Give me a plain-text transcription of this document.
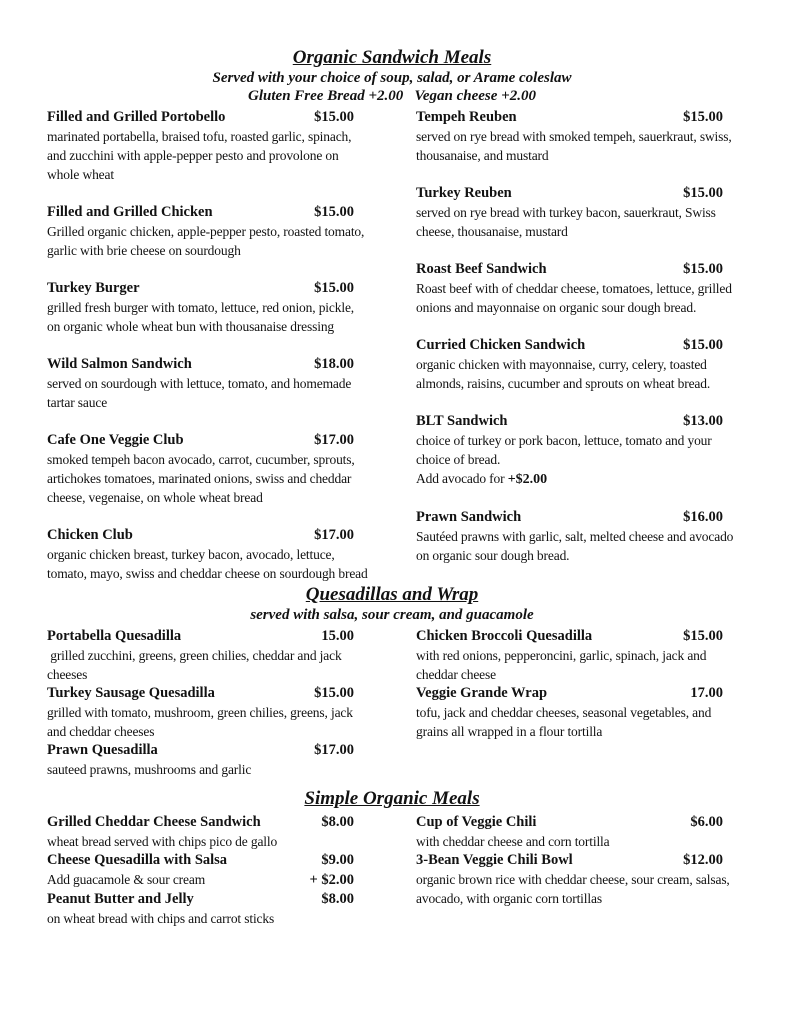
Organic Sandwich Meals
Served with your choice of soup, salad, or Arame coleslaw
Gluten Free Bread +2.00   Vegan cheese +2.00
Filled and Grilled Portobello	$15.00
marinated portabella, braised tofu, roasted garlic, spinach, and zucchini with apple-pepper pesto and provolone on whole wheat
Filled and Grilled Chicken	$15.00
Grilled organic chicken, apple-pepper pesto, roasted tomato, garlic with brie cheese on sourdough
Turkey Burger	$15.00
grilled fresh burger with tomato, lettuce, red onion, pickle, on organic whole wheat bun with thousanaise dressing
Wild Salmon Sandwich	$18.00
served on sourdough with lettuce, tomato, and homemade tartar sauce
Cafe One Veggie Club	$17.00
smoked tempeh bacon avocado, carrot, cucumber, sprouts, artichokes tomatoes, marinated onions, swiss and cheddar cheese, vegenaise, on whole wheat bread
Chicken Club	$17.00
organic chicken breast, turkey bacon, avocado, lettuce, tomato, mayo, swiss and cheddar cheese on sourdough bread
Tempeh Reuben	$15.00
served on rye bread with smoked tempeh, sauerkraut, swiss, thousanaise, and mustard
Turkey Reuben	$15.00
served on rye bread with turkey bacon, sauerkraut, Swiss cheese, thousanaise, mustard
Roast Beef Sandwich	$15.00
Roast beef with of cheddar cheese, tomatoes, lettuce, grilled onions and mayonnaise on organic sour dough bread.
Curried Chicken Sandwich	$15.00
organic chicken with mayonnaise, curry, celery, toasted almonds, raisins, cucumber and sprouts on wheat bread.
BLT Sandwich	$13.00
choice of turkey or pork bacon, lettuce, tomato and your choice of bread.
Add avocado for +$2.00
Prawn Sandwich	$16.00
Sautéed prawns with garlic, salt, melted cheese and avocado on organic sour dough bread.
Quesadillas and Wrap
served with salsa, sour cream, and guacamole
Portabella Quesadilla	15.00
grilled zucchini, greens, green chilies, cheddar and jack cheeses
Turkey Sausage Quesadilla	$15.00
grilled with tomato, mushroom, green chilies, greens, jack and cheddar cheeses
Prawn Quesadilla	$17.00
sauteed prawns, mushrooms and garlic
Chicken Broccoli Quesadilla	$15.00
with red onions, pepperoncini, garlic, spinach, jack and cheddar cheese
Veggie Grande Wrap	17.00
tofu, jack and cheddar cheeses, seasonal vegetables, and grains all wrapped in a flour tortilla
Simple Organic Meals
Grilled Cheddar Cheese Sandwich	$8.00
wheat bread served with chips pico de gallo
Cheese Quesadilla with Salsa	$9.00
Add guacamole & sour cream	+ $2.00
Peanut Butter and Jelly	$8.00
on wheat bread with chips and carrot sticks
Cup of Veggie Chili	$6.00
with cheddar cheese and corn tortilla
3-Bean Veggie Chili Bowl	$12.00
organic brown rice with cheddar cheese, sour cream, salsas, avocado, with organic corn tortillas
